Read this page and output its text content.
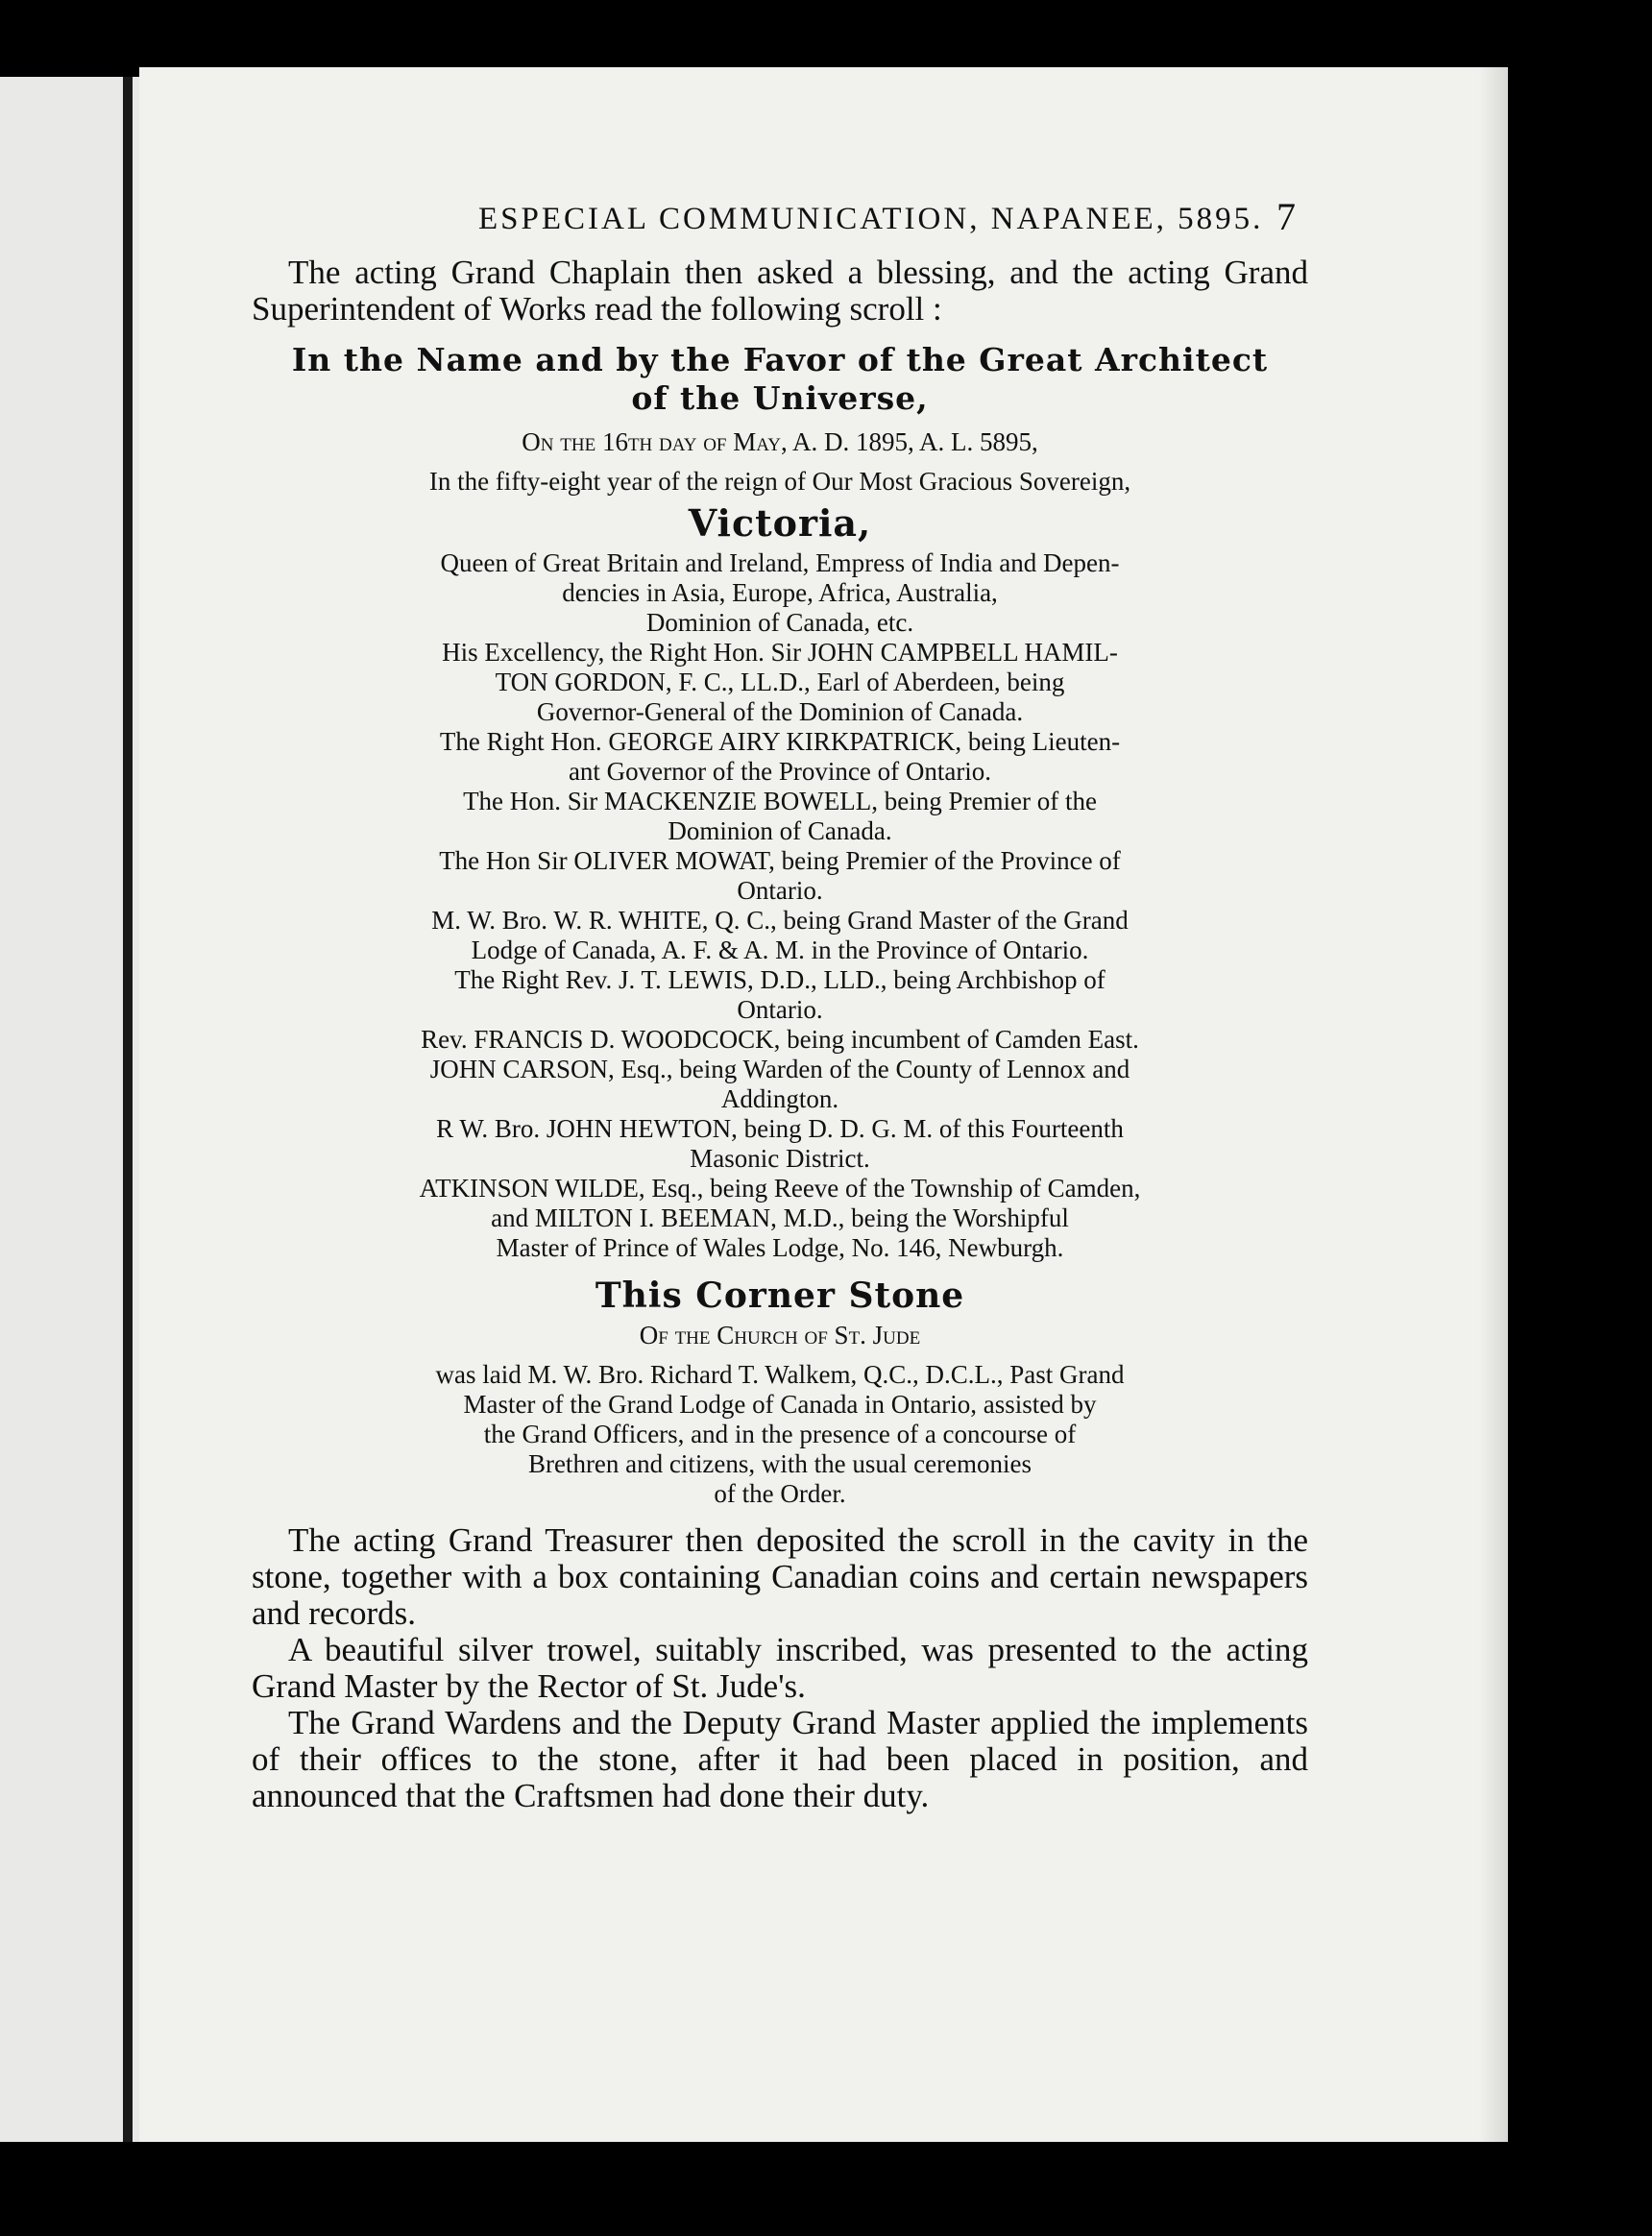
ESPECIAL COMMUNICATION, NAPANEE, 5895. 7

The acting Grand Chaplain then asked a blessing, and the acting Grand Superintendent of Works read the following scroll :

In the Name and by the Favor of the Great Architect
of the Universe,

On the 16th day of May, A. D. 1895, A. L. 5895,

In the fifty-eight year of the reign of Our Most Gracious Sovereign,

Victoria,

Queen of Great Britain and Ireland, Empress of India and Depen-

dencies in Asia, Europe, Africa, Australia,

Dominion of Canada, etc.

His Excellency, the Right Hon. Sir JOHN CAMPBELL HAMIL-

TON GORDON, F. C., LL.D., Earl of Aberdeen, being

Governor-General of the Dominion of Canada.

The Right Hon. GEORGE AIRY KIRKPATRICK, being Lieuten-

ant Governor of the Province of Ontario.

The Hon. Sir MACKENZIE BOWELL, being Premier of the

Dominion of Canada.

The Hon Sir OLIVER MOWAT, being Premier of the Province of

Ontario.

M. W. Bro. W. R. WHITE, Q. C., being Grand Master of the Grand

Lodge of Canada, A. F. & A. M. in the Province of Ontario.

The Right Rev. J. T. LEWIS, D.D., LLD., being Archbishop of

Ontario.

Rev. FRANCIS D. WOODCOCK, being incumbent of Camden East.

JOHN CARSON, Esq., being Warden of the County of Lennox and

Addington.

R W. Bro. JOHN HEWTON, being D. D. G. M. of this Fourteenth

Masonic District.

ATKINSON WILDE, Esq., being Reeve of the Township of Camden,

and MILTON I. BEEMAN, M.D., being the Worshipful

Master of Prince of Wales Lodge, No. 146, Newburgh.

This Corner Stone

Of the Church of St. Jude

was laid M. W. Bro. Richard T. Walkem, Q.C., D.C.L., Past Grand

Master of the Grand Lodge of Canada in Ontario, assisted by

the Grand Officers, and in the presence of a concourse of

Brethren and citizens, with the usual ceremonies

of the Order.

The acting Grand Treasurer then deposited the scroll in the cavity in the stone, together with a box containing Canadian coins and certain newspapers and records.

A beautiful silver trowel, suitably inscribed, was presented to the acting Grand Master by the Rector of St. Jude's.

The Grand Wardens and the Deputy Grand Master applied the implements of their offices to the stone, after it had been placed in position, and announced that the Craftsmen had done their duty.
